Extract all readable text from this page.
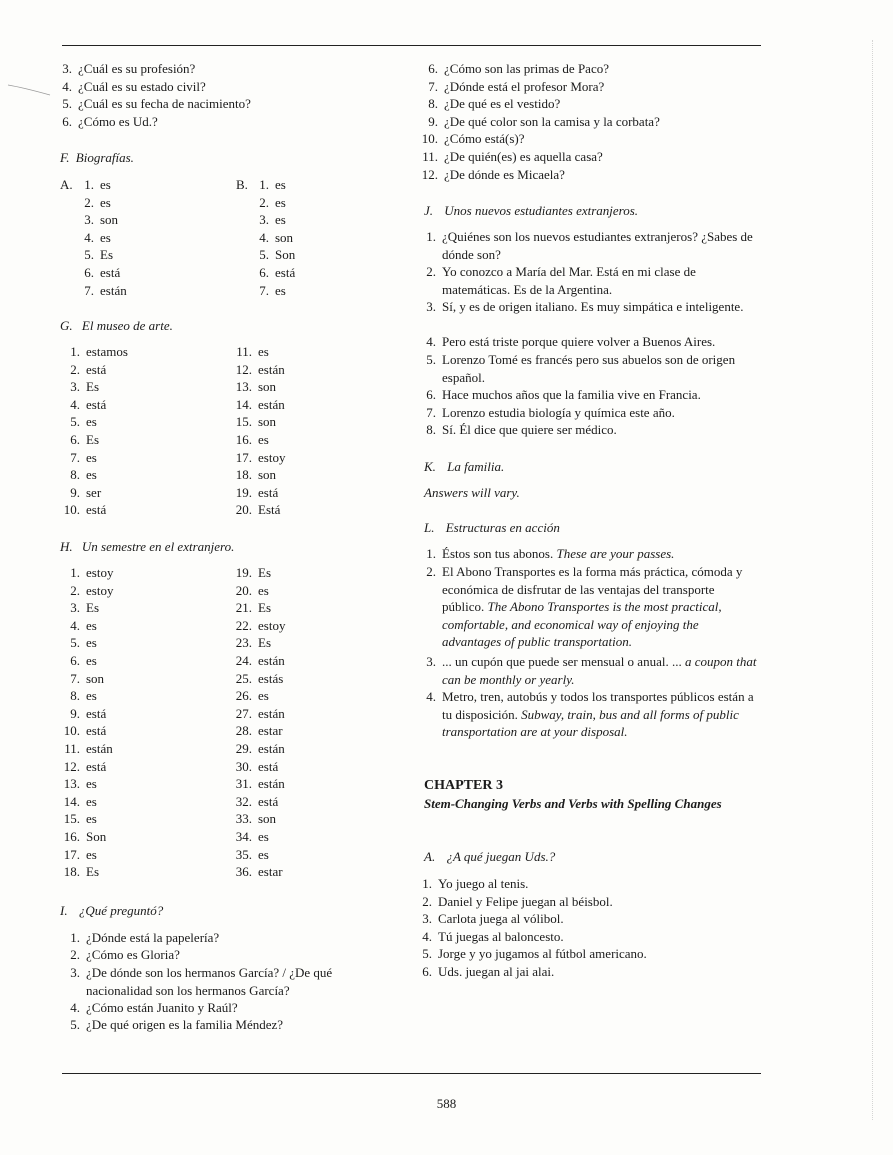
3. ¿Cuál es su profesión?
4. ¿Cuál es su estado civil?
5. ¿Cuál es su fecha de nacimiento?
6. ¿Cómo es Ud.?
F. Biografías.
A.	B.
1. es
2. es
3. son
4. es
5. Es
6. está
7. están
1. es
2. es
3. es
4. son
5. Son
6. está
7. es
G. El museo de arte.
1. estamos
2. está
3. Es
4. está
5. es
6. Es
7. es
8. es
9. ser
10. está
11. es
12. están
13. son
14. están
15. son
16. es
17. estoy
18. son
19. está
20. Está
H. Un semestre en el extranjero.
1. estoy
2. estoy
3. Es
4. es
5. es
6. es
7. son
8. es
9. está
10. está
11. están
12. está
13. es
14. es
15. es
16. Son
17. es
18. Es
19. Es
20. es
21. Es
22. estoy
23. Es
24. están
25. estás
26. es
27. están
28. estar
29. están
30. está
31. están
32. está
33. son
34. es
35. es
36. estar
I. ¿Qué preguntó?
1. ¿Dónde está la papelería?
2. ¿Cómo es Gloria?
3. ¿De dónde son los hermanos García? / ¿De qué nacionalidad son los hermanos García?
4. ¿Cómo están Juanito y Raúl?
5. ¿De qué origen es la familia Méndez?
6. ¿Cómo son las primas de Paco?
7. ¿Dónde está el profesor Mora?
8. ¿De qué es el vestido?
9. ¿De qué color son la camisa y la corbata?
10. ¿Cómo está(s)?
11. ¿De quién(es) es aquella casa?
12. ¿De dónde es Micaela?
J. Unos nuevos estudiantes extranjeros.
1. ¿Quiénes son los nuevos estudiantes extranjeros? ¿Sabes de dónde son?
2. Yo conozco a María del Mar. Está en mi clase de matemáticas. Es de la Argentina.
3. Sí, y es de origen italiano. Es muy simpática e inteligente.
4. Pero está triste porque quiere volver a Buenos Aires.
5. Lorenzo Tomé es francés pero sus abuelos son de origen español.
6. Hace muchos años que la familia vive en Francia.
7. Lorenzo estudia biología y química este año.
8. Sí. Él dice que quiere ser médico.
K. La familia.
Answers will vary.
L. Estructuras en acción
1. Éstos son tus abonos. These are your passes.
2. El Abono Transportes es la forma más práctica, cómoda y económica de disfrutar de las ventajas del transporte público. The Abono Transportes is the most practical, comfortable, and economical way of enjoying the advantages of public transportation.
3. ... un cupón que puede ser mensual o anual. ... a coupon that can be monthly or yearly.
4. Metro, tren, autobús y todos los transportes públicos están a tu disposición. Subway, train, bus and all forms of public transportation are at your disposal.
A. ¿A qué juegan Uds.?
1. Yo juego al tenis.
2. Daniel y Felipe juegan al béisbol.
3. Carlota juega al vólibol.
4. Tú juegas al baloncesto.
5. Jorge y yo jugamos al fútbol americano.
6. Uds. juegan al jai alai.
CHAPTER 3
Stem-Changing Verbs and Verbs with Spelling Changes
588
